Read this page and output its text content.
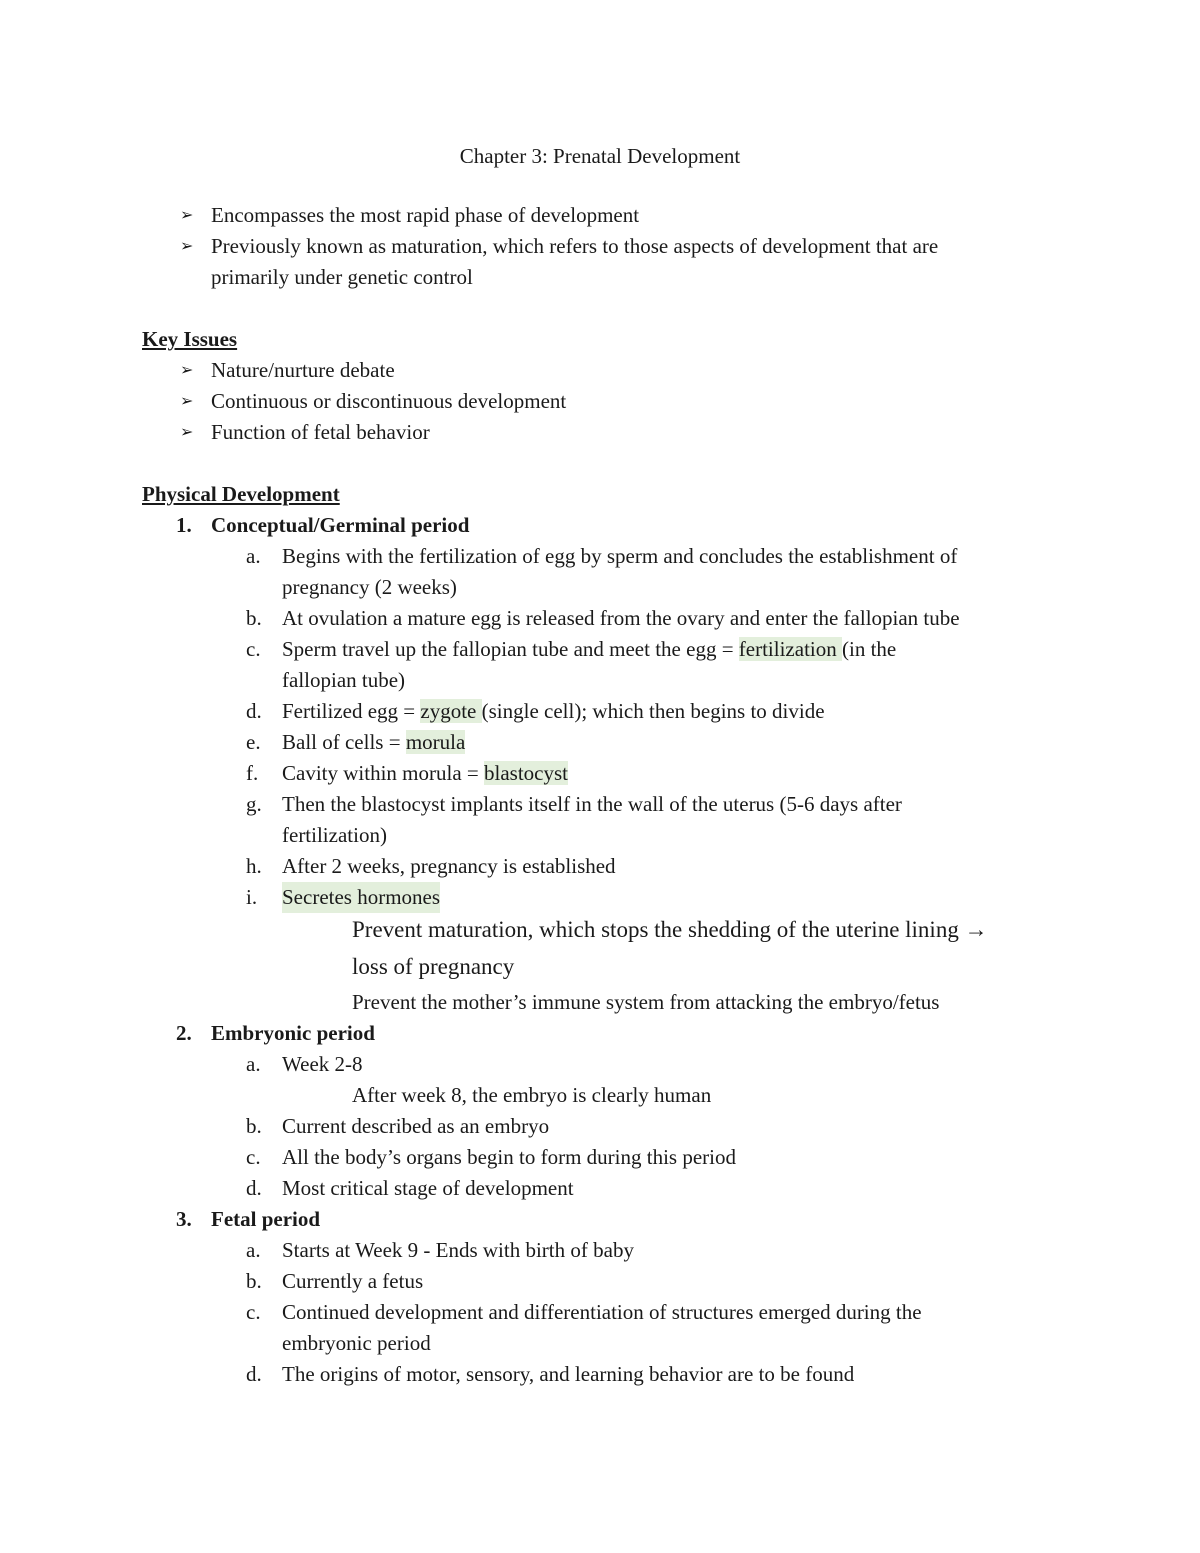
Chapter 3: Prenatal Development
➢ Encompasses the most rapid phase of development
➢ Previously known as maturation, which refers to those aspects of development that are
primarily under genetic control
Key Issues
➢ Nature/nurture debate
➢ Continuous or discontinuous development
➢ Function of fetal behavior
Physical Development
1. Conceptual/Germinal period
a. Begins with the fertilization of egg by sperm and concludes the establishment of
pregnancy (2 weeks)
b. At ovulation a mature egg is released from the ovary and enter the fallopian tube
c. Sperm travel up the fallopian tube and meet the egg = fertilization (in the
fallopian tube)
d. Fertilized egg = zygote (single cell); which then begins to divide
e. Ball of cells = morula
f. Cavity within morula = blastocyst
g. Then the blastocyst implants itself in the wall of the uterus (5-6 days after
fertilization)
h. After 2 weeks, pregnancy is established
i. Secretes hormones
Prevent maturation, which stops the shedding of the uterine lining →
loss of pregnancy
Prevent the mother’s immune system from attacking the embryo/fetus
2. Embryonic period
a. Week 2-8
After week 8, the embryo is clearly human
b. Current described as an embryo
c. All the body’s organs begin to form during this period
d. Most critical stage of development
3. Fetal period
a. Starts at Week 9 - Ends with birth of baby
b. Currently a fetus
c. Continued development and differentiation of structures emerged during the
embryonic period
d. The origins of motor, sensory, and learning behavior are to be found
